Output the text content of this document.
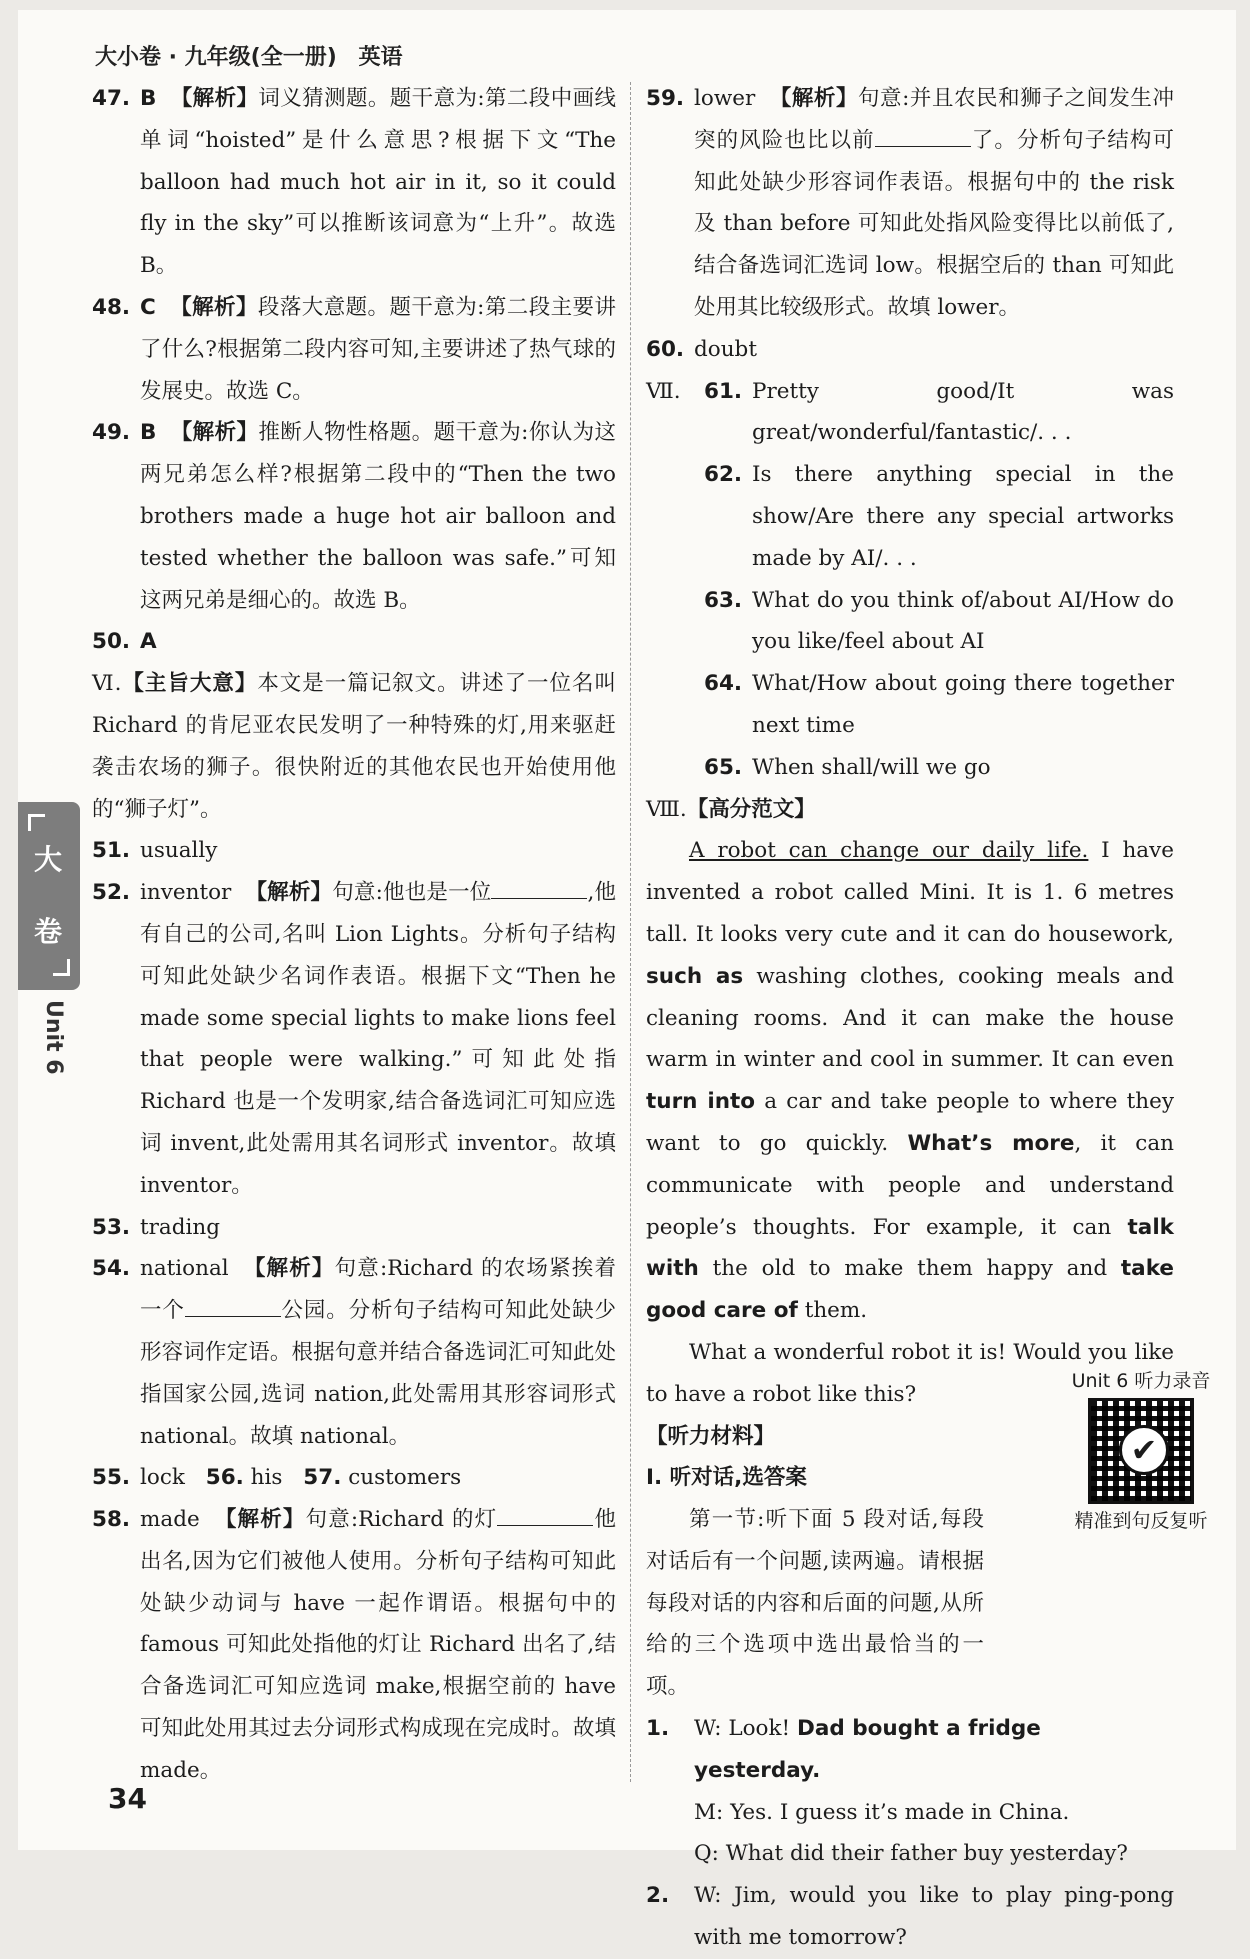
大小卷 · 九年级(全一册) 英语
大
卷
Unit 6
47. B 【解析】词义猜测题。题干意为:第二段中画线单词“hoisted”是什么意思?根据下文“The balloon had much hot air in it, so it could fly in the sky”可以推断该词意为“上升”。故选 B。
48. C 【解析】段落大意题。题干意为:第二段主要讲了什么?根据第二段内容可知,主要讲述了热气球的发展史。故选 C。
49. B 【解析】推断人物性格题。题干意为:你认为这两兄弟怎么样?根据第二段中的“Then the two brothers made a huge hot air balloon and tested whether the balloon was safe.”可知这两兄弟是细心的。故选 B。
50. A
Ⅵ.【主旨大意】本文是一篇记叙文。讲述了一位名叫 Richard 的肯尼亚农民发明了一种特殊的灯,用来驱赶袭击农场的狮子。很快附近的其他农民也开始使用他的“狮子灯”。
51. usually
52. inventor 【解析】句意:他也是一位	,他有自己的公司,名叫 Lion Lights。分析句子结构可知此处缺少名词作表语。根据下文“Then he made some special lights to make lions feel that people were walking.”可知此处指 Richard 也是一个发明家,结合备选词汇可知应选词 invent,此处需用其名词形式 inventor。故填 inventor。
53. trading
54. national 【解析】句意:Richard 的农场紧挨着一个	公园。分析句子结构可知此处缺少形容词作定语。根据句意并结合备选词汇可知此处指国家公园,选词 nation,此处需用其形容词形式 national。故填 national。
55. lock 56. his 57. customers
58. made 【解析】句意:Richard 的灯	他出名,因为它们被他人使用。分析句子结构可知此处缺少动词与 have 一起作谓语。根据句中的 famous 可知此处指他的灯让 Richard 出名了,结合备选词汇可知应选词 make,根据空前的 have 可知此处用其过去分词形式构成现在完成时。故填 made。
59. lower 【解析】句意:并且农民和狮子之间发生冲突的风险也比以前	了。分析句子结构可知此处缺少形容词作表语。根据句中的 the risk 及 than before 可知此处指风险变得比以前低了,结合备选词汇选词 low。根据空后的 than 可知此处用其比较级形式。故填 lower。
60. doubt
Ⅶ. 61. Pretty good/It was great/wonderful/fantastic/. . .
62. Is there anything special in the show/Are there any special artworks made by AI/. . .
63. What do you think of/about AI/How do you like/feel about AI
64. What/How about going there together next time
65. When shall/will we go
Ⅷ.【高分范文】
A robot can change our daily life. I have invented a robot called Mini. It is 1. 6 metres tall. It looks very cute and it can do housework, such as washing clothes, cooking meals and cleaning rooms. And it can make the house warm in winter and cool in summer. It can even turn into a car and take people to where they want to go quickly. What’s more, it can communicate with people and understand people’s thoughts. For example, it can talk with the old to make them happy and take good care of them.
What a wonderful robot it is! Would you like to have a robot like this?
【听力材料】
Ⅰ. 听对话,选答案
第一节:听下面 5 段对话,每段对话后有一个问题,读两遍。请根据每段对话的内容和后面的问题,从所给的三个选项中选出最恰当的一项。
1. W: Look! Dad bought a fridge yesterday.
M: Yes. I guess it’s made in China.
Q: What did their father buy yesterday?
2. W: Jim, would you like to play ping-pong with me tomorrow?
Unit 6 听力录音
✔
精准到句反复听
34
